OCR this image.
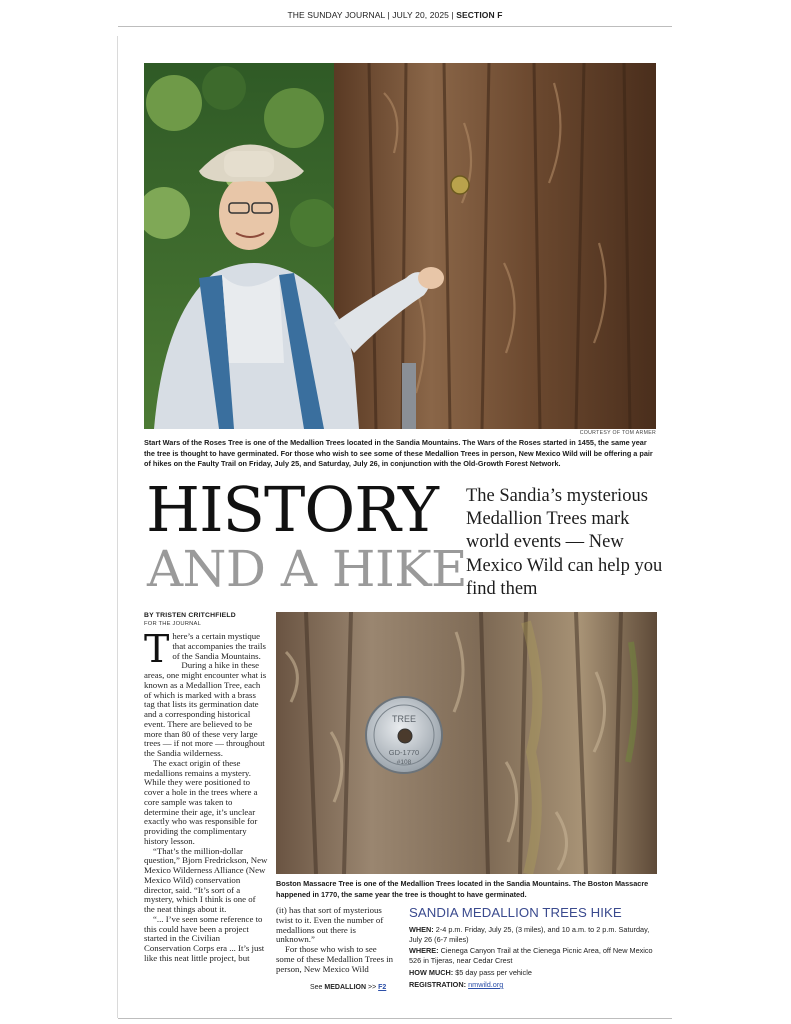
THE SUNDAY JOURNAL | JULY 20, 2025 | SECTION F
COURTESY OF TOM ARMER
Start Wars of the Roses Tree is one of the Medallion Trees located in the Sandia Mountains. The Wars of the Roses started in 1455, the same year the tree is thought to have germinated. For those who wish to see some of these Medallion Trees in person, New Mexico Wild will be offering a pair of hikes on the Faulty Trail on Friday, July 25, and Saturday, July 26, in conjunction with the Old-Growth Forest Network.
HISTORY
AND A HIKE
The Sandia’s mysterious Medallion Trees mark world events — New Mexico Wild can help you find them
BY TRISTEN CRITCHFIELD
FOR THE JOURNAL

There’s a certain mystique that accompanies the trails of the Sandia Mountains.

During a hike in these areas, one might encounter what is known as a Medallion Tree, each of which is marked with a brass tag that lists its germination date and a corresponding historical event. There are believed to be more than 80 of these very large trees — if not more — throughout the Sandia wilderness.

The exact origin of these medallions remains a mystery. While they were positioned to cover a hole in the trees where a core sample was taken to determine their age, it’s unclear exactly who was responsible for providing the complimentary history lesson.

“That’s the million-dollar question,” Bjorn Fredrickson, New Mexico Wilderness Alliance (New Mexico Wild) conservation director, said. “It’s sort of a mystery, which I think is one of the neat things about it.

“... I’ve seen some reference to this could have been a project started in the Civilian Conservation Corps era ... It’s just like this neat little project, but

TREE
GD-1770
#108
Boston Massacre Tree is one of the Medallion Trees located in the Sandia Mountains. The Boston Massacre happened in 1770, the same year the tree is thought to have germinated.

(it) has that sort of mysterious twist to it. Even the number of medallions out there is unknown.”

For those who wish to see some of these Medallion Trees in person, New Mexico Wild

See MEDALLION >> F2
SANDIA MEDALLION TREES HIKE
WHEN: 2-4 p.m. Friday, July 25, (3 miles), and 10 a.m. to 2 p.m. Saturday, July 26 (6-7 miles)
WHERE: Cienega Canyon Trail at the Cienega Picnic Area, off New Mexico 526 in Tijeras, near Cedar Crest
HOW MUCH: $5 day pass per vehicle
REGISTRATION: nmwild.org
